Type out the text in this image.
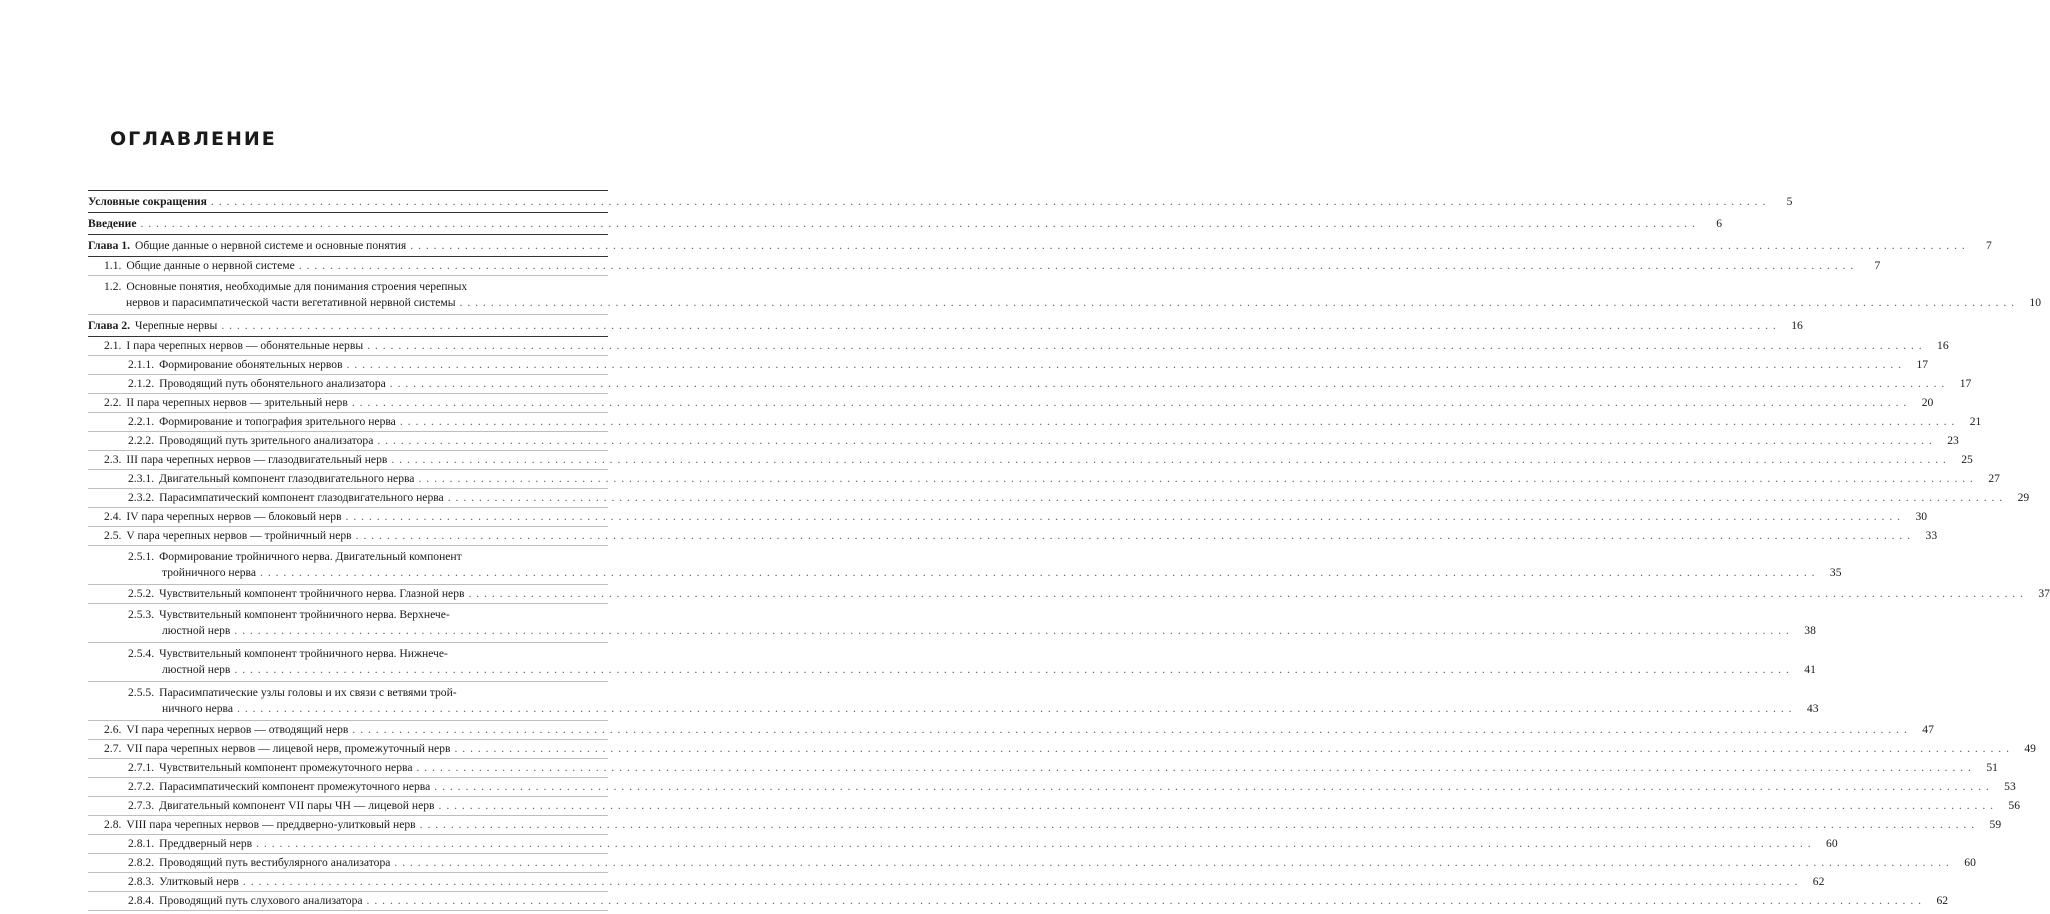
ОГЛАВЛЕНИЕ
Условные сокращения . . . . . . . . . . . . . . . . . . . . . . . . . . . . . . . . . . . . . . . . . . . . . . . . . . . . . . . . . . . . . . . . . . . . . . . . . . . . . . . . . . . . . . . . . . . . . . . . . . . . . . . . . . . . . . . . . . . . . . . . . . . . . . . . . . . . . . . . . . . . . . . . . . . . . . . . . . . . . . . . . . . . . . . . . . . . . . . . . . . . . . . . . . . . . . . . . . . . . . . .	5
Введение . . . . . . . . . . . . . . . . . . . . . . . . . . . . . . . . . . . . . . . . . . . . . . . . . . . . . . . . . . . . . . . . . . . . . . . . . . . . . . . . . . . . . . . . . . . . . . . . . . . . . . . . . . . . . . . . . . . . . . . . . . . . . . . . . . . . . . . . . . . . . . . . . . . . . . . . . . . . . . . . . . . . . . . . . . . . . . . . . . . . . . . . . . . . . . . . . . . . . . . .	6
Глава 1. Общие данные о нервной системе и основные понятия . . . . . . . . . . . . . . . . . . . . . . . . . . . . . . . . . . . . . . . . . . . . . . . . . . . . . . . . . . . . . . . . . . . . . . . . . . . . . . . . . . . . . . . . . . . . . . . . . . . . . . . . . . . . . . . . . . . . . . . . . . . . . . . . . . . . . . . . . . . . . . . . . . . . . . . . . . . . . . . . . . . . . . . . . . . . . . . . . . . . . . . . . . . . . . . . . . . . . . . .	7
1.1. Общие данные о нервной системе . . . . . . . . . . . . . . . . . . . . . . . . . . . . . . . . . . . . . . . . . . . . . . . . . . . . . . . . . . . . . . . . . . . . . . . . . . . . . . . . . . . . . . . . . . . . . . . . . . . . . . . . . . . . . . . . . . . . . . . . . . . . . . . . . . . . . . . . . . . . . . . . . . . . . . . . . . . . . . . . . . . . . . . . . . . . . . . . . . . . . . . . . . . . . . . . . . . . . . . .	7
1.2. Основные понятия, необходимые для понимания строения черепных
нервов и парасимпатической части вегетативной нервной системы . . . . . . . . . . . . . . . . . . . . . . . . . . . . . . . . . . . . . . . . . . . . . . . . . . . . . . . . . . . . . . . . . . . . . . . . . . . . . . . . . . . . . . . . . . . . . . . . . . . . . . . . . . . . . . . . . . . . . . . . . . . . . . . . . . . . . . . . . . . . . . . . . . . . . . . . . . . . . . . . . . . . . . . . . . . . . . . . . . . . . . . . . . . . . . . . . . . . . . . .	10
Глава 2. Черепные нервы . . . . . . . . . . . . . . . . . . . . . . . . . . . . . . . . . . . . . . . . . . . . . . . . . . . . . . . . . . . . . . . . . . . . . . . . . . . . . . . . . . . . . . . . . . . . . . . . . . . . . . . . . . . . . . . . . . . . . . . . . . . . . . . . . . . . . . . . . . . . . . . . . . . . . . . . . . . . . . . . . . . . . . . . . . . . . . . . . . . . . . . . . . . . . . . . . . . . . . . .	16
2.1. I пара черепных нервов — обонятельные нервы . . . . . . . . . . . . . . . . . . . . . . . . . . . . . . . . . . . . . . . . . . . . . . . . . . . . . . . . . . . . . . . . . . . . . . . . . . . . . . . . . . . . . . . . . . . . . . . . . . . . . . . . . . . . . . . . . . . . . . . . . . . . . . . . . . . . . . . . . . . . . . . . . . . . . . . . . . . . . . . . . . . . . . . . . . . . . . . . . . . . . . . . . . . . . . . . . . . . . . . .	16
2.1.1. Формирование обонятельных нервов . . . . . . . . . . . . . . . . . . . . . . . . . . . . . . . . . . . . . . . . . . . . . . . . . . . . . . . . . . . . . . . . . . . . . . . . . . . . . . . . . . . . . . . . . . . . . . . . . . . . . . . . . . . . . . . . . . . . . . . . . . . . . . . . . . . . . . . . . . . . . . . . . . . . . . . . . . . . . . . . . . . . . . . . . . . . . . . . . . . . . . . . . . . . . . . . . . . . . . . .	17
2.1.2. Проводящий путь обонятельного анализатора . . . . . . . . . . . . . . . . . . . . . . . . . . . . . . . . . . . . . . . . . . . . . . . . . . . . . . . . . . . . . . . . . . . . . . . . . . . . . . . . . . . . . . . . . . . . . . . . . . . . . . . . . . . . . . . . . . . . . . . . . . . . . . . . . . . . . . . . . . . . . . . . . . . . . . . . . . . . . . . . . . . . . . . . . . . . . . . . . . . . . . . . . . . . . . . . . . . . . . . .	17
2.2. II пара черепных нервов — зрительный нерв . . . . . . . . . . . . . . . . . . . . . . . . . . . . . . . . . . . . . . . . . . . . . . . . . . . . . . . . . . . . . . . . . . . . . . . . . . . . . . . . . . . . . . . . . . . . . . . . . . . . . . . . . . . . . . . . . . . . . . . . . . . . . . . . . . . . . . . . . . . . . . . . . . . . . . . . . . . . . . . . . . . . . . . . . . . . . . . . . . . . . . . . . . . . . . . . . . . . . . . .	20
2.2.1. Формирование и топография зрительного нерва . . . . . . . . . . . . . . . . . . . . . . . . . . . . . . . . . . . . . . . . . . . . . . . . . . . . . . . . . . . . . . . . . . . . . . . . . . . . . . . . . . . . . . . . . . . . . . . . . . . . . . . . . . . . . . . . . . . . . . . . . . . . . . . . . . . . . . . . . . . . . . . . . . . . . . . . . . . . . . . . . . . . . . . . . . . . . . . . . . . . . . . . . . . . . . . . . . . . . . . .	21
2.2.2. Проводящий путь зрительного анализатора . . . . . . . . . . . . . . . . . . . . . . . . . . . . . . . . . . . . . . . . . . . . . . . . . . . . . . . . . . . . . . . . . . . . . . . . . . . . . . . . . . . . . . . . . . . . . . . . . . . . . . . . . . . . . . . . . . . . . . . . . . . . . . . . . . . . . . . . . . . . . . . . . . . . . . . . . . . . . . . . . . . . . . . . . . . . . . . . . . . . . . . . . . . . . . . . . . . . . . . .	23
2.3. III пара черепных нервов — глазодвигательный нерв . . . . . . . . . . . . . . . . . . . . . . . . . . . . . . . . . . . . . . . . . . . . . . . . . . . . . . . . . . . . . . . . . . . . . . . . . . . . . . . . . . . . . . . . . . . . . . . . . . . . . . . . . . . . . . . . . . . . . . . . . . . . . . . . . . . . . . . . . . . . . . . . . . . . . . . . . . . . . . . . . . . . . . . . . . . . . . . . . . . . . . . . . . . . . . . . . . . . . . . .	25
2.3.1. Двигательный компонент глазодвигательного нерва . . . . . . . . . . . . . . . . . . . . . . . . . . . . . . . . . . . . . . . . . . . . . . . . . . . . . . . . . . . . . . . . . . . . . . . . . . . . . . . . . . . . . . . . . . . . . . . . . . . . . . . . . . . . . . . . . . . . . . . . . . . . . . . . . . . . . . . . . . . . . . . . . . . . . . . . . . . . . . . . . . . . . . . . . . . . . . . . . . . . . . . . . . . . . . . . . . . . . . . .	27
2.3.2. Парасимпатический компонент глазодвигательного нерва . . . . . . . . . . . . . . . . . . . . . . . . . . . . . . . . . . . . . . . . . . . . . . . . . . . . . . . . . . . . . . . . . . . . . . . . . . . . . . . . . . . . . . . . . . . . . . . . . . . . . . . . . . . . . . . . . . . . . . . . . . . . . . . . . . . . . . . . . . . . . . . . . . . . . . . . . . . . . . . . . . . . . . . . . . . . . . . . . . . . . . . . . . . . . . . . . . . . . . . .	29
2.4. IV пара черепных нервов — блоковый нерв . . . . . . . . . . . . . . . . . . . . . . . . . . . . . . . . . . . . . . . . . . . . . . . . . . . . . . . . . . . . . . . . . . . . . . . . . . . . . . . . . . . . . . . . . . . . . . . . . . . . . . . . . . . . . . . . . . . . . . . . . . . . . . . . . . . . . . . . . . . . . . . . . . . . . . . . . . . . . . . . . . . . . . . . . . . . . . . . . . . . . . . . . . . . . . . . . . . . . . . .	30
2.5. V пара черепных нервов — тройничный нерв . . . . . . . . . . . . . . . . . . . . . . . . . . . . . . . . . . . . . . . . . . . . . . . . . . . . . . . . . . . . . . . . . . . . . . . . . . . . . . . . . . . . . . . . . . . . . . . . . . . . . . . . . . . . . . . . . . . . . . . . . . . . . . . . . . . . . . . . . . . . . . . . . . . . . . . . . . . . . . . . . . . . . . . . . . . . . . . . . . . . . . . . . . . . . . . . . . . . . . . .	33
2.5.1. Формирование тройничного нерва. Двигательный компонент
тройничного нерва . . . . . . . . . . . . . . . . . . . . . . . . . . . . . . . . . . . . . . . . . . . . . . . . . . . . . . . . . . . . . . . . . . . . . . . . . . . . . . . . . . . . . . . . . . . . . . . . . . . . . . . . . . . . . . . . . . . . . . . . . . . . . . . . . . . . . . . . . . . . . . . . . . . . . . . . . . . . . . . . . . . . . . . . . . . . . . . . . . . . . . . . . . . . . . . . . . . . . . . .	35
2.5.2. Чувствительный компонент тройничного нерва. Глазной нерв . . . . . . . . . . . . . . . . . . . . . . . . . . . . . . . . . . . . . . . . . . . . . . . . . . . . . . . . . . . . . . . . . . . . . . . . . . . . . . . . . . . . . . . . . . . . . . . . . . . . . . . . . . . . . . . . . . . . . . . . . . . . . . . . . . . . . . . . . . . . . . . . . . . . . . . . . . . . . . . . . . . . . . . . . . . . . . . . . . . . . . . . . . . . . . . . . . . . . . . .	37
2.5.3. Чувствительный компонент тройничного нерва. Верхнече-
люстной нерв . . . . . . . . . . . . . . . . . . . . . . . . . . . . . . . . . . . . . . . . . . . . . . . . . . . . . . . . . . . . . . . . . . . . . . . . . . . . . . . . . . . . . . . . . . . . . . . . . . . . . . . . . . . . . . . . . . . . . . . . . . . . . . . . . . . . . . . . . . . . . . . . . . . . . . . . . . . . . . . . . . . . . . . . . . . . . . . . . . . . . . . . . . . . . . . . . . . . . . . .	38
2.5.4. Чувствительный компонент тройничного нерва. Нижнече-
люстной нерв . . . . . . . . . . . . . . . . . . . . . . . . . . . . . . . . . . . . . . . . . . . . . . . . . . . . . . . . . . . . . . . . . . . . . . . . . . . . . . . . . . . . . . . . . . . . . . . . . . . . . . . . . . . . . . . . . . . . . . . . . . . . . . . . . . . . . . . . . . . . . . . . . . . . . . . . . . . . . . . . . . . . . . . . . . . . . . . . . . . . . . . . . . . . . . . . . . . . . . . .	41
2.5.5. Парасимпатические узлы головы и их связи с ветвями трой-
ничного нерва . . . . . . . . . . . . . . . . . . . . . . . . . . . . . . . . . . . . . . . . . . . . . . . . . . . . . . . . . . . . . . . . . . . . . . . . . . . . . . . . . . . . . . . . . . . . . . . . . . . . . . . . . . . . . . . . . . . . . . . . . . . . . . . . . . . . . . . . . . . . . . . . . . . . . . . . . . . . . . . . . . . . . . . . . . . . . . . . . . . . . . . . . . . . . . . . . . . . . . . .	43
2.6. VI пара черепных нервов — отводящий нерв . . . . . . . . . . . . . . . . . . . . . . . . . . . . . . . . . . . . . . . . . . . . . . . . . . . . . . . . . . . . . . . . . . . . . . . . . . . . . . . . . . . . . . . . . . . . . . . . . . . . . . . . . . . . . . . . . . . . . . . . . . . . . . . . . . . . . . . . . . . . . . . . . . . . . . . . . . . . . . . . . . . . . . . . . . . . . . . . . . . . . . . . . . . . . . . . . . . . . . . .	47
2.7. VII пара черепных нервов — лицевой нерв, промежуточный нерв . . . . . . . . . . . . . . . . . . . . . . . . . . . . . . . . . . . . . . . . . . . . . . . . . . . . . . . . . . . . . . . . . . . . . . . . . . . . . . . . . . . . . . . . . . . . . . . . . . . . . . . . . . . . . . . . . . . . . . . . . . . . . . . . . . . . . . . . . . . . . . . . . . . . . . . . . . . . . . . . . . . . . . . . . . . . . . . . . . . . . . . . . . . . . . . . . . . . . . . .	49
2.7.1. Чувствительный компонент промежуточного нерва . . . . . . . . . . . . . . . . . . . . . . . . . . . . . . . . . . . . . . . . . . . . . . . . . . . . . . . . . . . . . . . . . . . . . . . . . . . . . . . . . . . . . . . . . . . . . . . . . . . . . . . . . . . . . . . . . . . . . . . . . . . . . . . . . . . . . . . . . . . . . . . . . . . . . . . . . . . . . . . . . . . . . . . . . . . . . . . . . . . . . . . . . . . . . . . . . . . . . . . .	51
2.7.2. Парасимпатический компонент промежуточного нерва . . . . . . . . . . . . . . . . . . . . . . . . . . . . . . . . . . . . . . . . . . . . . . . . . . . . . . . . . . . . . . . . . . . . . . . . . . . . . . . . . . . . . . . . . . . . . . . . . . . . . . . . . . . . . . . . . . . . . . . . . . . . . . . . . . . . . . . . . . . . . . . . . . . . . . . . . . . . . . . . . . . . . . . . . . . . . . . . . . . . . . . . . . . . . . . . . . . . . . . .	53
2.7.3. Двигательный компонент VII пары ЧН — лицевой нерв . . . . . . . . . . . . . . . . . . . . . . . . . . . . . . . . . . . . . . . . . . . . . . . . . . . . . . . . . . . . . . . . . . . . . . . . . . . . . . . . . . . . . . . . . . . . . . . . . . . . . . . . . . . . . . . . . . . . . . . . . . . . . . . . . . . . . . . . . . . . . . . . . . . . . . . . . . . . . . . . . . . . . . . . . . . . . . . . . . . . . . . . . . . . . . . . . . . . . . . .	56
2.8. VIII пара черепных нервов — преддверно-улитковый нерв . . . . . . . . . . . . . . . . . . . . . . . . . . . . . . . . . . . . . . . . . . . . . . . . . . . . . . . . . . . . . . . . . . . . . . . . . . . . . . . . . . . . . . . . . . . . . . . . . . . . . . . . . . . . . . . . . . . . . . . . . . . . . . . . . . . . . . . . . . . . . . . . . . . . . . . . . . . . . . . . . . . . . . . . . . . . . . . . . . . . . . . . . . . . . . . . . . . . . . . .	59
2.8.1. Преддверный нерв . . . . . . . . . . . . . . . . . . . . . . . . . . . . . . . . . . . . . . . . . . . . . . . . . . . . . . . . . . . . . . . . . . . . . . . . . . . . . . . . . . . . . . . . . . . . . . . . . . . . . . . . . . . . . . . . . . . . . . . . . . . . . . . . . . . . . . . . . . . . . . . . . . . . . . . . . . . . . . . . . . . . . . . . . . . . . . . . . . . . . . . . . . . . . . . . . . . . . . . .	60
2.8.2. Проводящий путь вестибулярного анализатора . . . . . . . . . . . . . . . . . . . . . . . . . . . . . . . . . . . . . . . . . . . . . . . . . . . . . . . . . . . . . . . . . . . . . . . . . . . . . . . . . . . . . . . . . . . . . . . . . . . . . . . . . . . . . . . . . . . . . . . . . . . . . . . . . . . . . . . . . . . . . . . . . . . . . . . . . . . . . . . . . . . . . . . . . . . . . . . . . . . . . . . . . . . . . . . . . . . . . . . .	60
2.8.3. Улитковый нерв . . . . . . . . . . . . . . . . . . . . . . . . . . . . . . . . . . . . . . . . . . . . . . . . . . . . . . . . . . . . . . . . . . . . . . . . . . . . . . . . . . . . . . . . . . . . . . . . . . . . . . . . . . . . . . . . . . . . . . . . . . . . . . . . . . . . . . . . . . . . . . . . . . . . . . . . . . . . . . . . . . . . . . . . . . . . . . . . . . . . . . . . . . . . . . . . . . . . . . . .	62
2.8.4. Проводящий путь слухового анализатора . . . . . . . . . . . . . . . . . . . . . . . . . . . . . . . . . . . . . . . . . . . . . . . . . . . . . . . . . . . . . . . . . . . . . . . . . . . . . . . . . . . . . . . . . . . . . . . . . . . . . . . . . . . . . . . . . . . . . . . . . . . . . . . . . . . . . . . . . . . . . . . . . . . . . . . . . . . . . . . . . . . . . . . . . . . . . . . . . . . . . . . . . . . . . . . . . . . . . . . .	62
